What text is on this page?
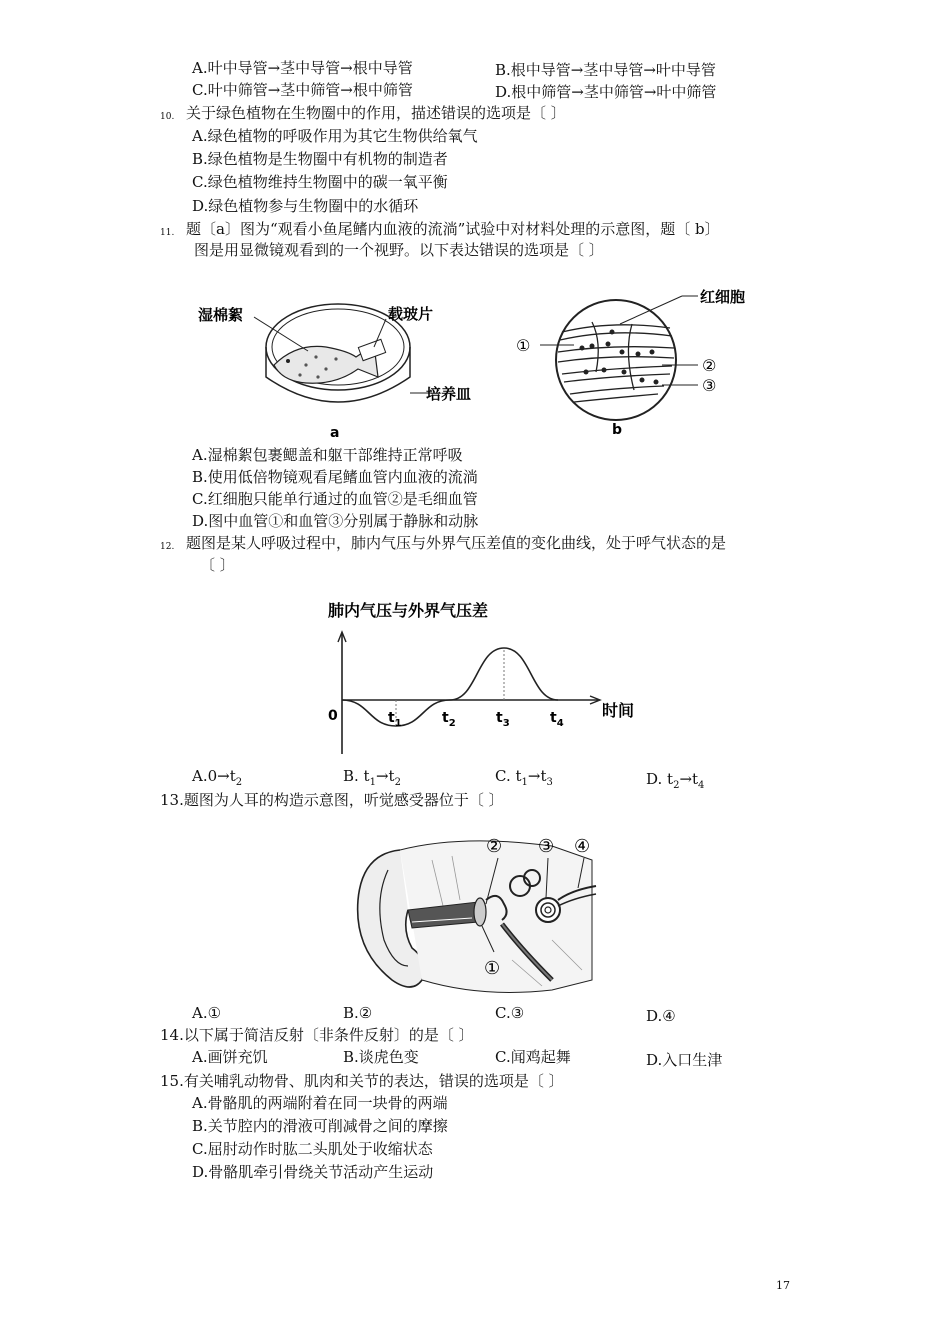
A.叶中导管→茎中导管→根中导管	B.根中导管→茎中导管→叶中导管
C.叶中筛管→茎中筛管→根中筛管	D.根中筛管→茎中筛管→叶中筛管
10. 关于绿色植物在生物圈中的作用，描述错误的选项是〔 〕
A.绿色植物的呼吸作用为其它生物供给氧气
B.绿色植物是生物圈中有机物的制造者
C.绿色植物维持生物圈中的碳一氧平衡
D.绿色植物参与生物圈中的水循环
11. 题〔a〕图为“观看小鱼尾鳍内血液的流淌”试验中对材料处理的示意图，题〔 b〕
图是用显微镜观看到的一个视野。以下表达错误的选项是〔 〕
湿棉絮	载玻片
培养皿
a
红细胞
①
②
③
b
A.湿棉絮包裹鳃盖和躯干部维持正常呼吸
B.使用低倍物镜观看尾鳍血管内血液的流淌
C.红细胞只能单行通过的血管②是毛细血管
D.图中血管①和血管③分别属于静脉和动脉
12. 题图是某人呼吸过程中，肺内气压与外界气压差值的变化曲线，处于呼气状态的是
〔 〕
肺内气压与外界气压差
$t_1$	$t_2$	$t_3$	$t_4$
时间
0
$A.0\to t_2$	B. $t_1\to t_2$	C. $t_1\to t_3$	D. $t_2\to t_4$
13.题图为人耳的构造示意图，听觉感受器位于〔 〕
② ③ ④
①
A.①	B.②	C.③	D.④
14.以下属于简洁反射〔非条件反射〕的是〔 〕
A.画饼充饥	B.谈虎色变	C.闻鸡起舞	D.入口生津
15.有关哺乳动物骨、肌肉和关节的表达，错误的选项是〔 〕
A.骨骼肌的两端附着在同一块骨的两端
B.关节腔内的滑液可削减骨之间的摩擦
C.屈肘动作时肱二头肌处于收缩状态
D.骨骼肌牵引骨绕关节活动产生运动
17
